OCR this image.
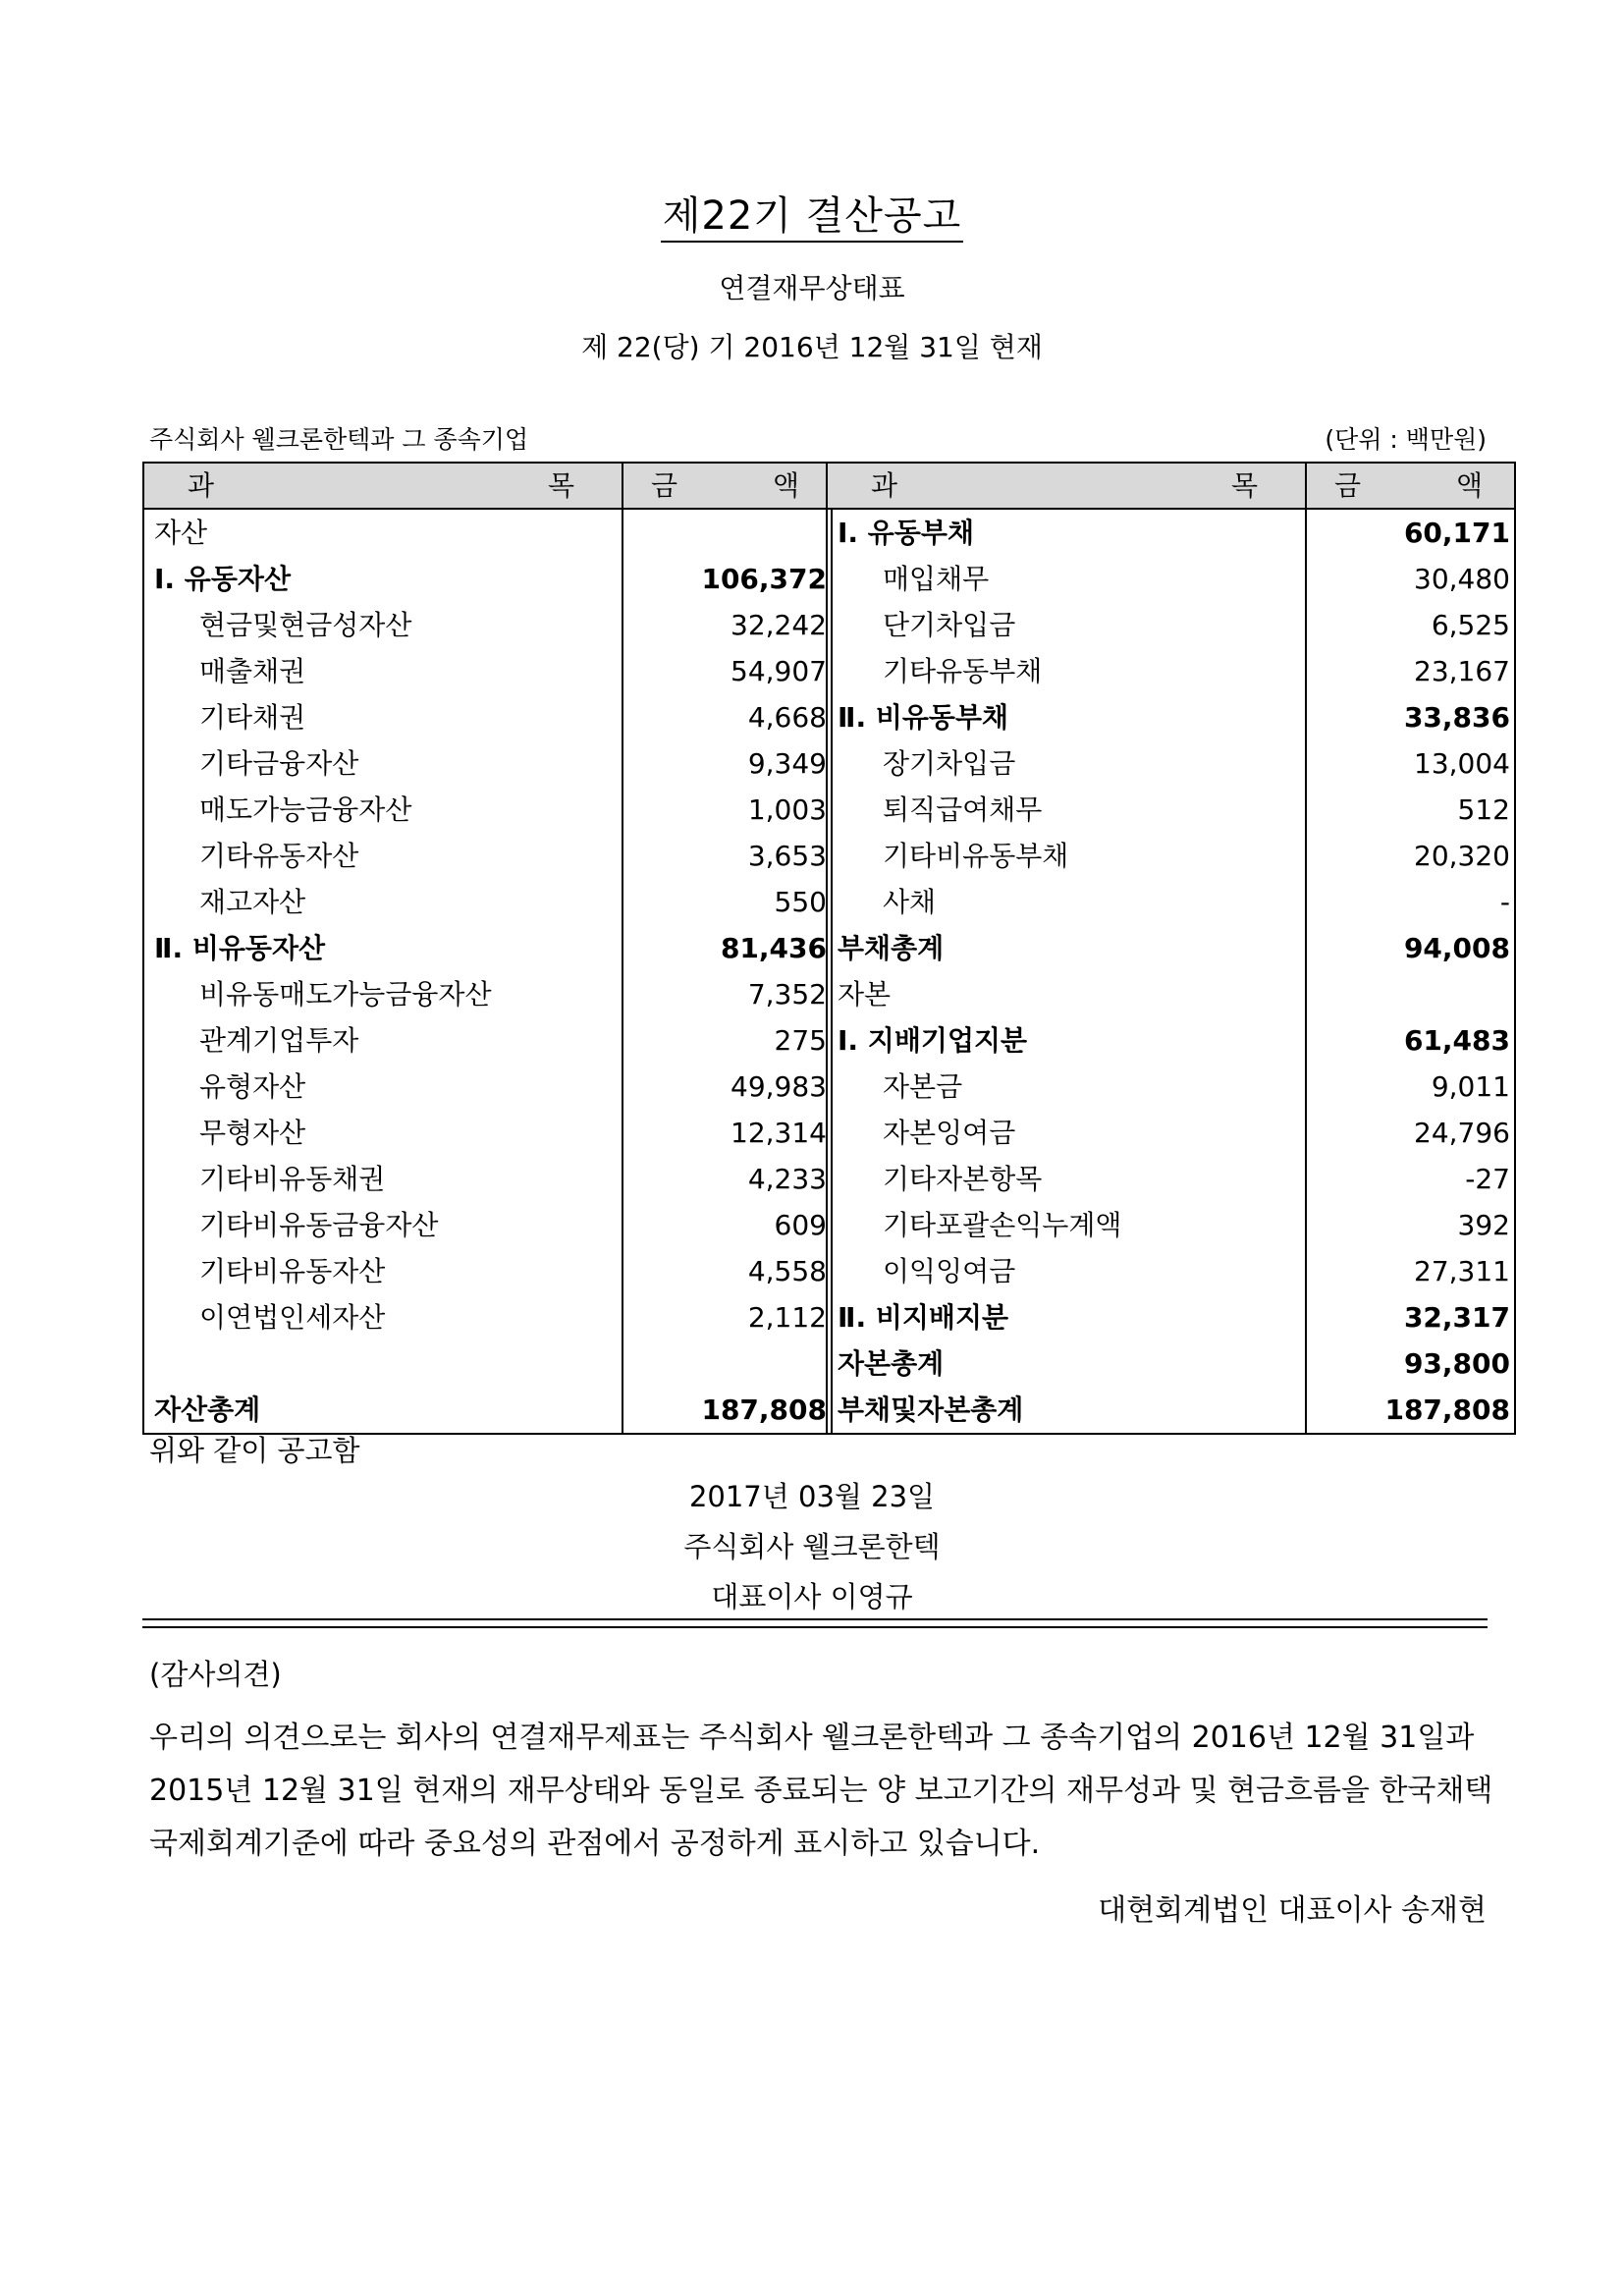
제22기 결산공고
연결재무상태표
제 22(당) 기 2016년 12월 31일 현재
주식회사 웰크론한텍과 그 종속기업	(단위 : 백만원)
과 목	금 액

자산	
Ⅰ. 유동자산	106,372
현금및현금성자산	32,242
매출채권	54,907
기타채권	4,668
기타금융자산	9,349
매도가능금융자산	1,003
기타유동자산	3,653
재고자산	550
Ⅱ. 비유동자산	81,436
비유동매도가능금융자산	7,352
관계기업투자	275
유형자산	49,983
무형자산	12,314
기타비유동채권	4,233
기타비유동금융자산	609
기타비유동자산	4,558
이연법인세자산	2,112

자산총계	187,808
과 목	금 액

Ⅰ. 유동부채	60,171
매입채무	30,480
단기차입금	6,525
기타유동부채	23,167
Ⅱ. 비유동부채	33,836
장기차입금	13,004
퇴직급여채무	512
기타비유동부채	20,320
사채	-
부채총계	94,008
자본	
Ⅰ. 지배기업지분	61,483
자본금	9,011
자본잉여금	24,796
기타자본항목	-27
기타포괄손익누계액	392
이익잉여금	27,311
Ⅱ. 비지배지분	32,317
자본총계	93,800
부채및자본총계	187,808
위와 같이 공고함
2017년 03월 23일
주식회사 웰크론한텍
대표이사 이영규
(감사의견)
우리의 의견으로는 회사의 연결재무제표는 주식회사 웰크론한텍과 그 종속기업의 2016년 12월 31일과 2015년 12월 31일 현재의 재무상태와 동일로 종료되는 양 보고기간의 재무성과 및 현금흐름을 한국채택국제회계기준에 따라 중요성의 관점에서 공정하게 표시하고 있습니다.
대현회계법인 대표이사 송재현
